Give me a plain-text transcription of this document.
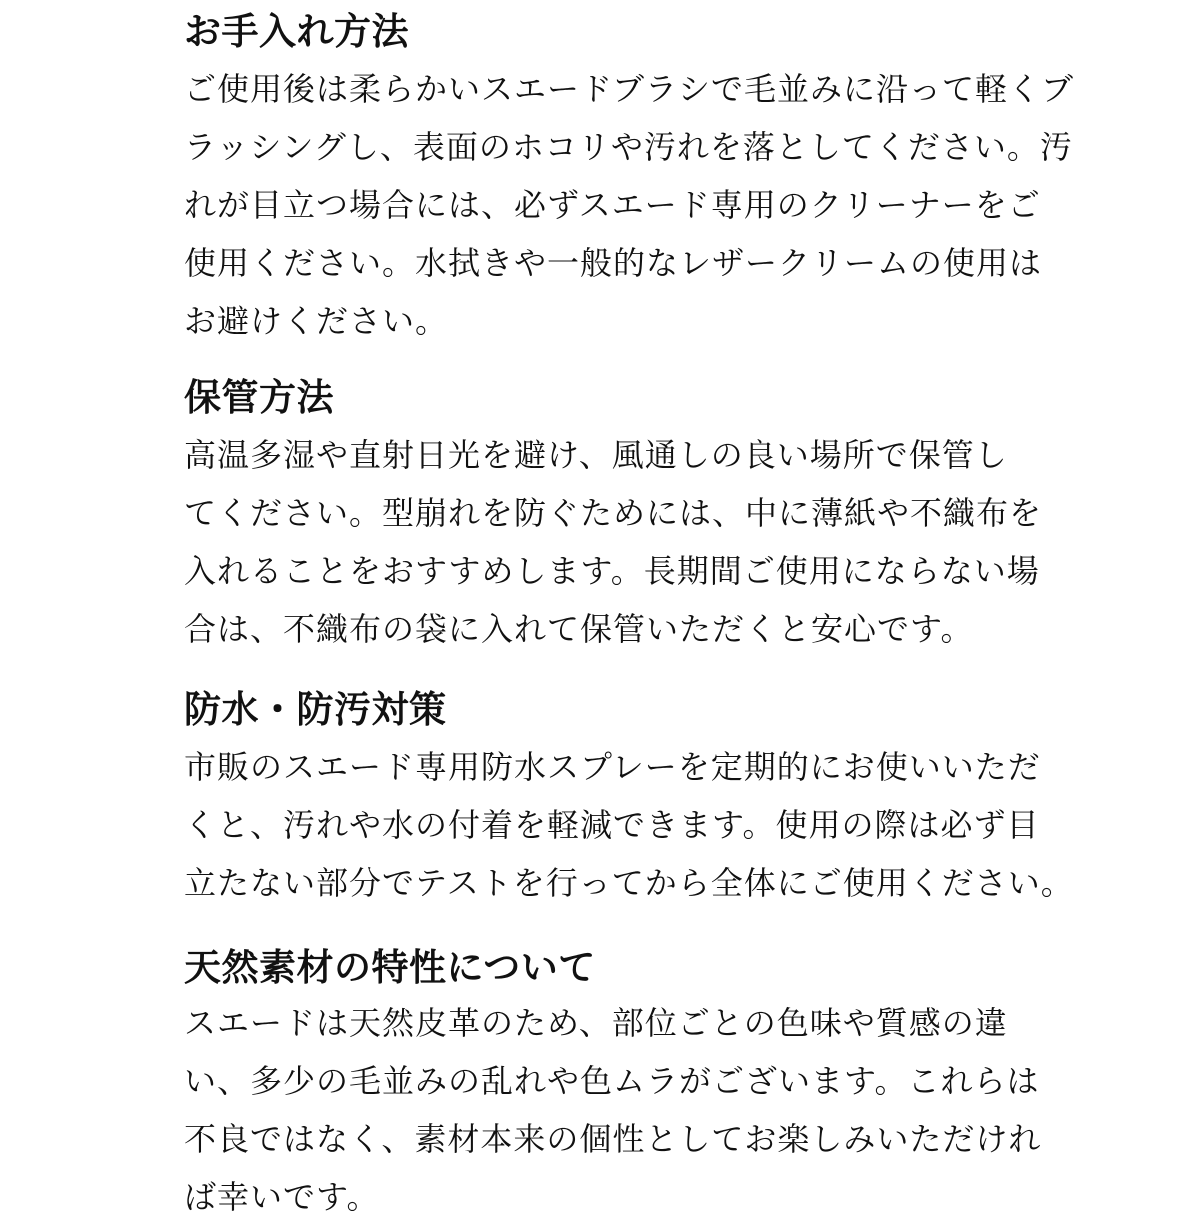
お手入れ方法
ご使用後は柔らかいスエードブラシで毛並みに沿って軽くブ
ラッシングし、表面のホコリや汚れを落としてください。汚
れが目立つ場合には、必ずスエード専用のクリーナーをご
使用ください。水拭きや一般的なレザークリームの使用は
お避けください。
保管方法
高温多湿や直射日光を避け、風通しの良い場所で保管し
てください。型崩れを防ぐためには、中に薄紙や不織布を
入れることをおすすめします。長期間ご使用にならない場
合は、不織布の袋に入れて保管いただくと安心です。
防水・防汚対策
市販のスエード専用防水スプレーを定期的にお使いいただ
くと、汚れや水の付着を軽減できます。使用の際は必ず目
立たない部分でテストを行ってから全体にご使用ください。
天然素材の特性について
スエードは天然皮革のため、部位ごとの色味や質感の違
い、多少の毛並みの乱れや色ムラがございます。これらは
不良ではなく、素材本来の個性としてお楽しみいただけれ
ば幸いです。
